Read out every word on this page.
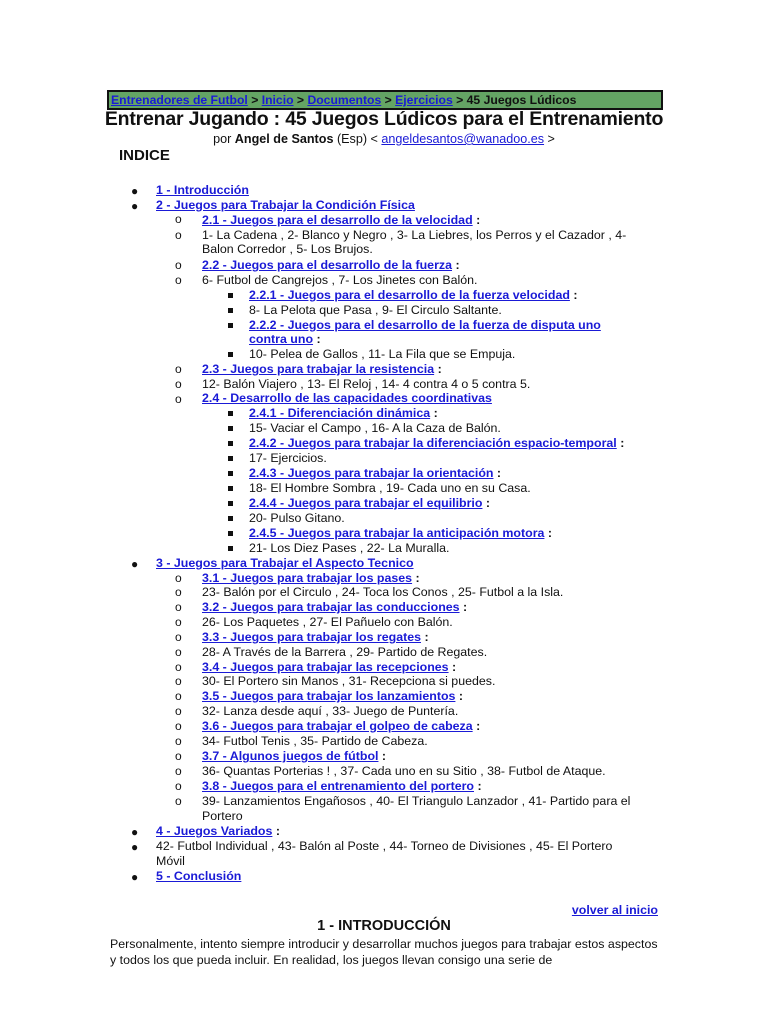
Entrenadores de Futbol > Inicio > Documentos > Ejercicios > 45 Juegos Lúdicos
Entrenar Jugando : 45 Juegos Lúdicos para el Entrenamiento
por Angel de Santos (Esp) < angeldesantos@wanadoo.es >
INDICE
● 1 - Introducción
● 2 - Juegos para Trabajar la Condición Física
o 2.1 - Juegos para el desarrollo de la velocidad :
o 1- La Cadena , 2- Blanco y Negro , 3- La Liebres, los Perros y el Cazador , 4-
Balon Corredor , 5- Los Brujos.
o 2.2 - Juegos para el desarrollo de la fuerza :
o 6- Futbol de Cangrejos , 7- Los Jinetes con Balón.
2.2.1 - Juegos para el desarrollo de la fuerza velocidad :
8- La Pelota que Pasa , 9- El Circulo Saltante.
2.2.2 - Juegos para el desarrollo de la fuerza de disputa uno
contra uno :
10- Pelea de Gallos , 11- La Fila que se Empuja.
o 2.3 - Juegos para trabajar la resistencia :
o 12- Balón Viajero , 13- El Reloj , 14- 4 contra 4 o 5 contra 5.
o 2.4 - Desarrollo de las capacidades coordinativas
2.4.1 - Diferenciación dinámica :
15- Vaciar el Campo , 16- A la Caza de Balón.
2.4.2 - Juegos para trabajar la diferenciación espacio-temporal :
17- Ejercicios.
2.4.3 - Juegos para trabajar la orientación :
18- El Hombre Sombra , 19- Cada uno en su Casa.
2.4.4 - Juegos para trabajar el equilibrio :
20- Pulso Gitano.
2.4.5 - Juegos para trabajar la anticipación motora :
21- Los Diez Pases , 22- La Muralla.
● 3 - Juegos para Trabajar el Aspecto Tecnico
o 3.1 - Juegos para trabajar los pases :
o 23- Balón por el Circulo , 24- Toca los Conos , 25- Futbol a la Isla.
o 3.2 - Juegos para trabajar las conducciones :
o 26- Los Paquetes , 27- El Pañuelo con Balón.
o 3.3 - Juegos para trabajar los regates :
o 28- A Través de la Barrera , 29- Partido de Regates.
o 3.4 - Juegos para trabajar las recepciones :
o 30- El Portero sin Manos , 31- Recepciona si puedes.
o 3.5 - Juegos para trabajar los lanzamientos :
o 32- Lanza desde aquí , 33- Juego de Puntería.
o 3.6 - Juegos para trabajar el golpeo de cabeza :
o 34- Futbol Tenis , 35- Partido de Cabeza.
o 3.7 - Algunos juegos de fútbol :
o 36- Quantas Porterias ! , 37- Cada uno en su Sitio , 38- Futbol de Ataque.
o 3.8 - Juegos para el entrenamiento del portero :
o 39- Lanzamientos Engañosos , 40- El Triangulo Lanzador , 41- Partido para el
Portero
● 4 - Juegos Variados :
● 42- Futbol Individual , 43- Balón al Poste , 44- Torneo de Divisiones , 45- El Portero
Móvil
● 5 - Conclusión
volver al inicio
1 - INTRODUCCIÓN
Personalmente, intento siempre introducir y desarrollar muchos juegos para trabajar estos aspectos y todos los que pueda incluir. En realidad, los juegos llevan consigo una serie de
